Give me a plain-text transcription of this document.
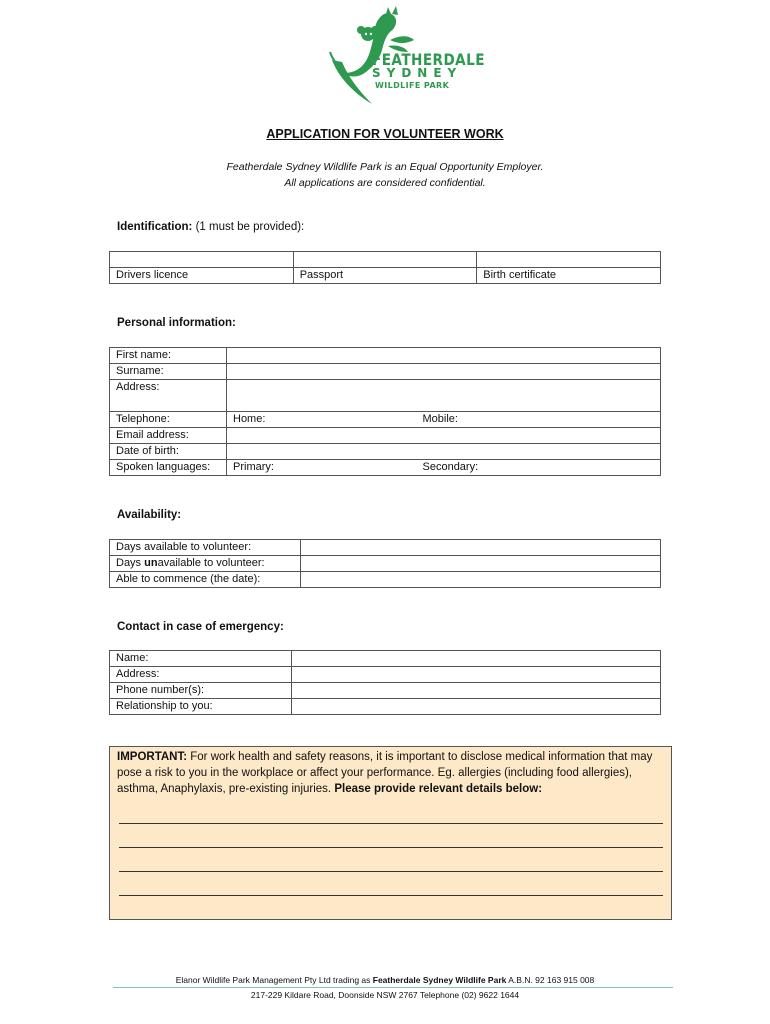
FEATHERDALE
SYDNEY
WILDLIFE PARK
APPLICATION FOR VOLUNTEER WORK
Featherdale Sydney Wildlife Park is an Equal Opportunity Employer.
All applications are considered confidential.
Identification: (1 must be provided):

Drivers licence	Passport	Birth certificate
Personal information:
First name:		
Surname:		
Address:		
Telephone:	Home:	Mobile:
Email address:		
Date of birth:		
Spoken languages:	Primary:	Secondary:
Availability:
Days available to volunteer:	
Days unavailable to volunteer:	
Able to commence (the date):	
Contact in case of emergency:
Name:	
Address:	
Phone number(s):	
Relationship to you:	
IMPORTANT: For work health and safety reasons, it is important to disclose medical information that may pose a risk to you in the workplace or affect your performance. Eg. allergies (including food allergies), asthma, Anaphylaxis, pre-existing injuries. Please provide relevant details below:
Elanor Wildlife Park Management Pty Ltd trading as Featherdale Sydney Wildlife Park A.B.N. 92 163 915 008
217-229 Kildare Road, Doonside NSW 2767 Telephone (02) 9622 1644
